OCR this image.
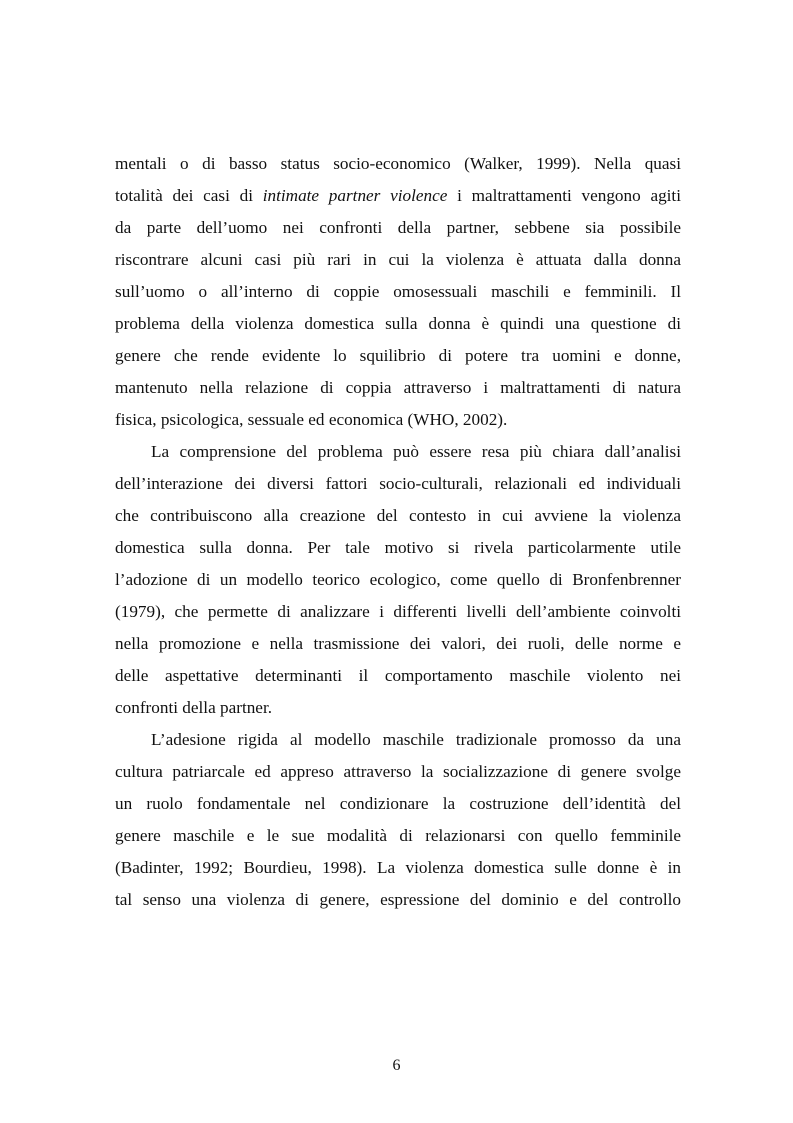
mentali o di basso status socio-economico (Walker, 1999). Nella quasi
totalità dei casi di intimate partner violence i maltrattamenti vengono agiti
da parte dell’uomo nei confronti della partner, sebbene sia possibile
riscontrare alcuni casi più rari in cui la violenza è attuata dalla donna
sull’uomo o all’interno di coppie omosessuali maschili e femminili. Il
problema della violenza domestica sulla donna è quindi una questione di
genere che rende evidente lo squilibrio di potere tra uomini e donne,
mantenuto nella relazione di coppia attraverso i maltrattamenti di natura
fisica, psicologica, sessuale ed economica (WHO, 2002).

La comprensione del problema può essere resa più chiara dall’analisi
dell’interazione dei diversi fattori socio-culturali, relazionali ed individuali
che contribuiscono alla creazione del contesto in cui avviene la violenza
domestica sulla donna. Per tale motivo si rivela particolarmente utile
l’adozione di un modello teorico ecologico, come quello di Bronfenbrenner
(1979), che permette di analizzare i differenti livelli dell’ambiente coinvolti
nella promozione e nella trasmissione dei valori, dei ruoli, delle norme e
delle aspettative determinanti il comportamento maschile violento nei
confronti della partner.

L’adesione rigida al modello maschile tradizionale promosso da una
cultura patriarcale ed appreso attraverso la socializzazione di genere svolge
un ruolo fondamentale nel condizionare la costruzione dell’identità del
genere maschile e le sue modalità di relazionarsi con quello femminile
(Badinter, 1992; Bourdieu, 1998). La violenza domestica sulle donne è in
tal senso una violenza di genere, espressione del dominio e del controllo

6
